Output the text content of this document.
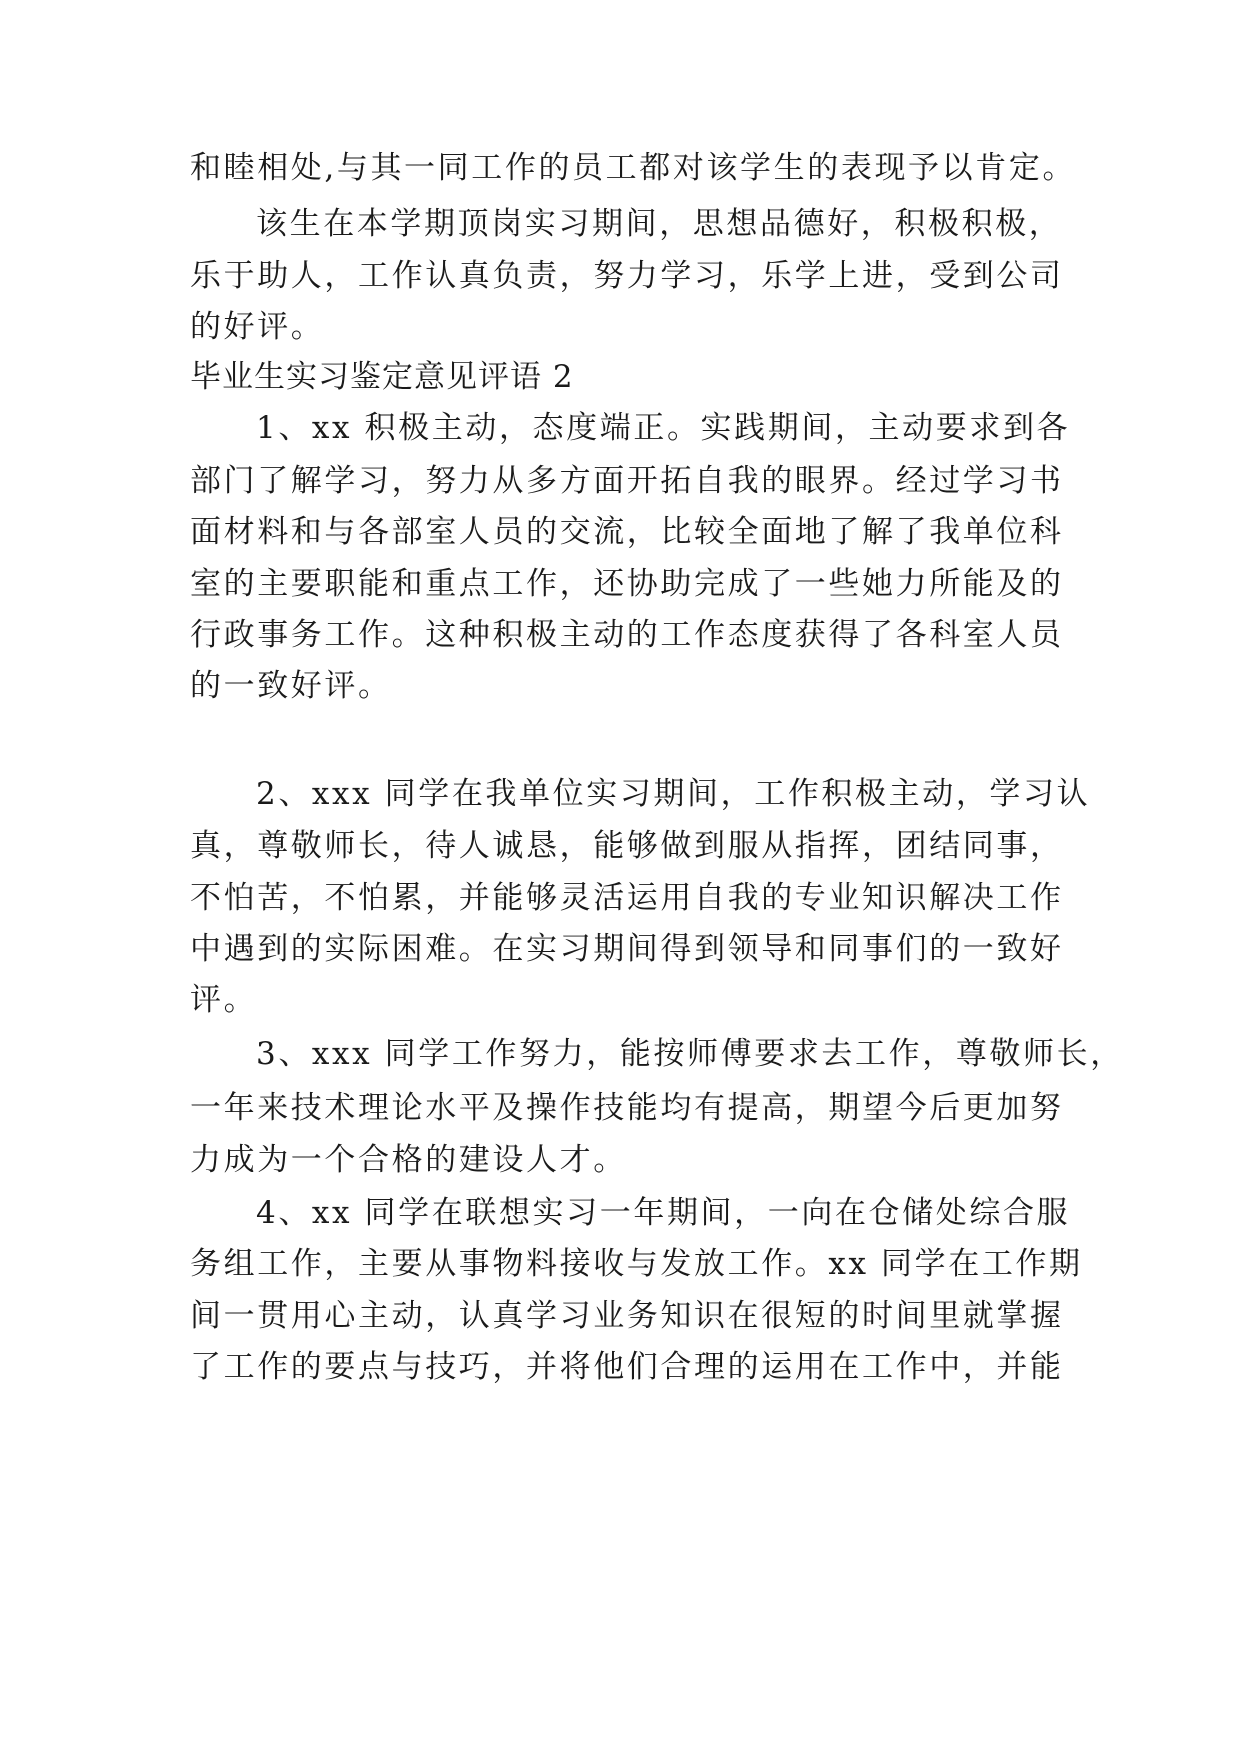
和睦相处,与其一同工作的员工都对该学生的表现予以肯定。

该生在本学期顶岗实习期间，思想品德好，积极积极，

乐于助人，工作认真负责，努力学习，乐学上进，受到公司

的好评。

毕业生实习鉴定意见评语 2

1、xx 积极主动，态度端正。实践期间，主动要求到各

部门了解学习，努力从多方面开拓自我的眼界。经过学习书

面材料和与各部室人员的交流，比较全面地了解了我单位科

室的主要职能和重点工作，还协助完成了一些她力所能及的

行政事务工作。这种积极主动的工作态度获得了各科室人员

的一致好评。

2、xxx 同学在我单位实习期间，工作积极主动，学习认

真，尊敬师长，待人诚恳，能够做到服从指挥，团结同事，

不怕苦，不怕累，并能够灵活运用自我的专业知识解决工作

中遇到的实际困难。在实习期间得到领导和同事们的一致好

评。

3、xxx 同学工作努力，能按师傅要求去工作，尊敬师长，

一年来技术理论水平及操作技能均有提高，期望今后更加努

力成为一个合格的建设人才。

4、xx 同学在联想实习一年期间，一向在仓储处综合服

务组工作，主要从事物料接收与发放工作。xx 同学在工作期

间一贯用心主动，认真学习业务知识在很短的时间里就掌握

了工作的要点与技巧，并将他们合理的运用在工作中，并能
